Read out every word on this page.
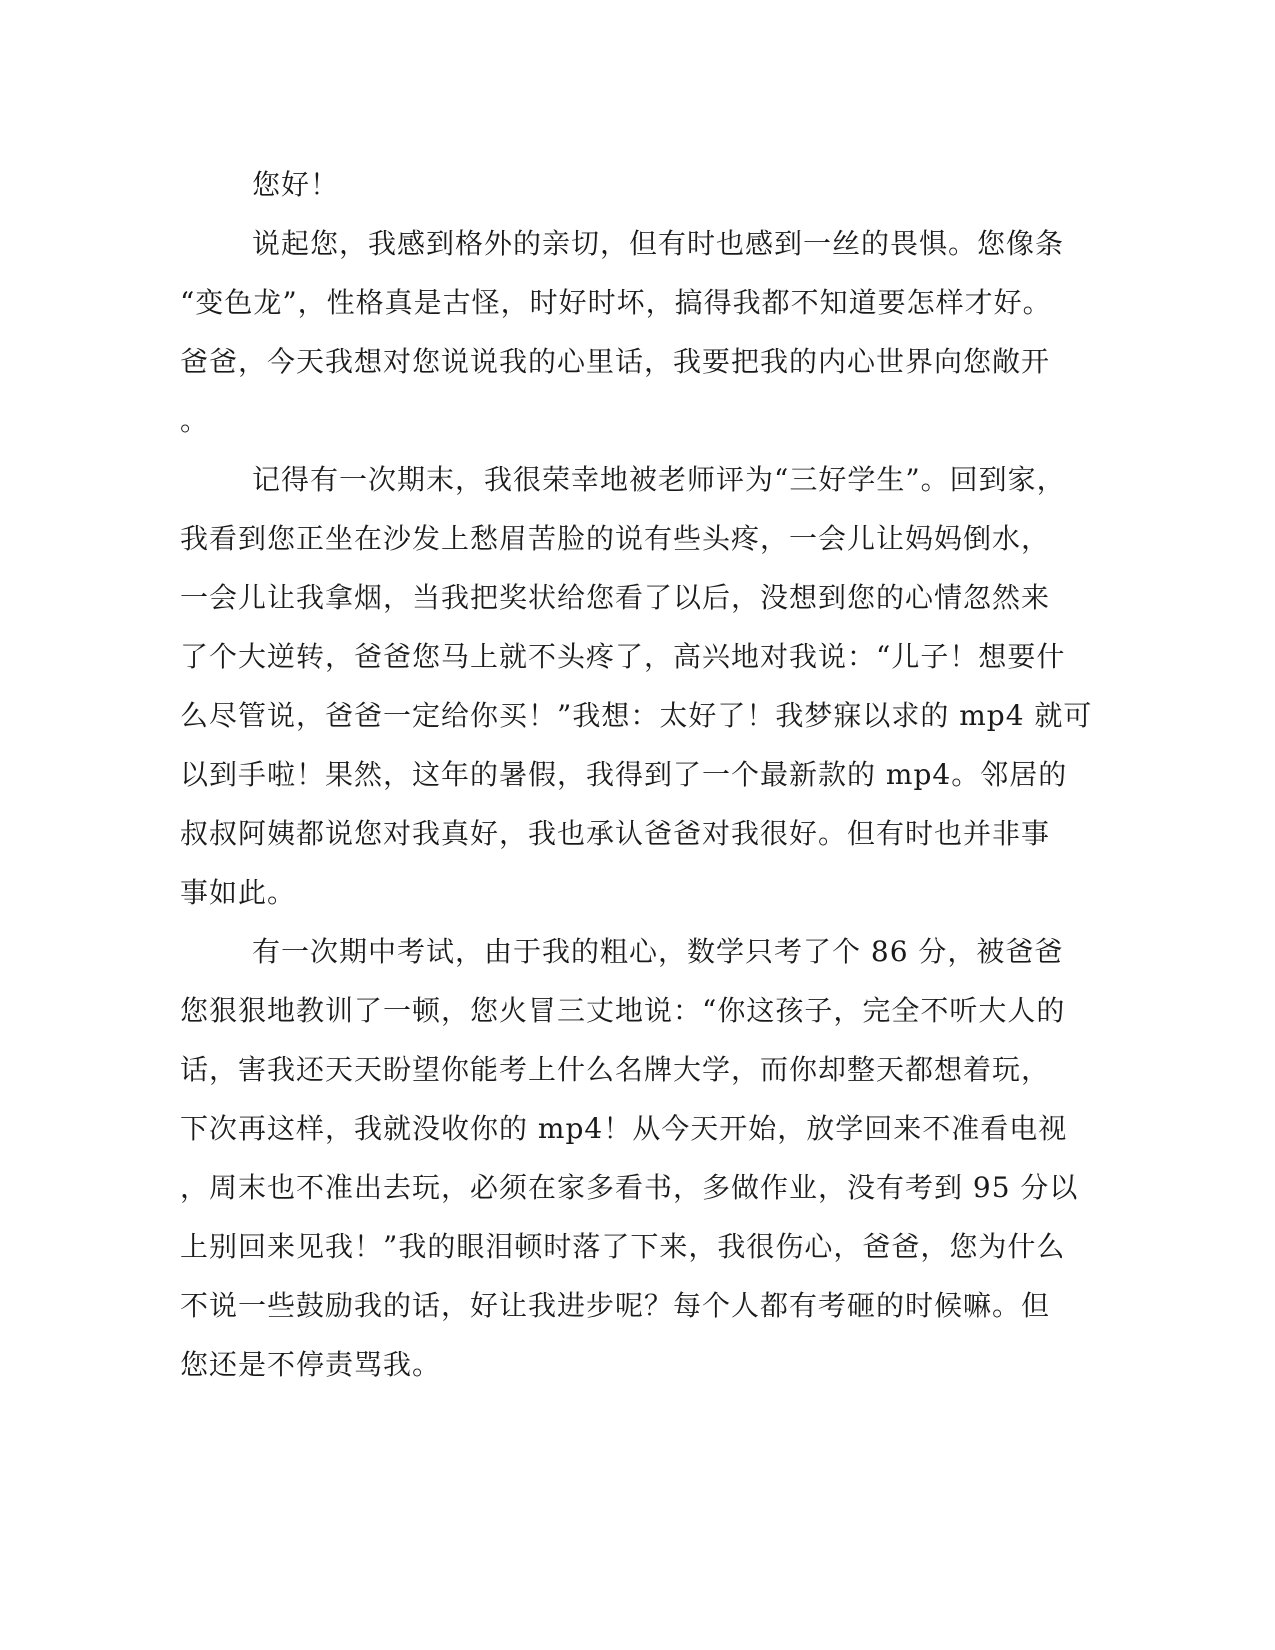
您好！
说起您，我感到格外的亲切，但有时也感到一丝的畏惧。您像条
“变色龙”，性格真是古怪，时好时坏，搞得我都不知道要怎样才好。
爸爸，今天我想对您说说我的心里话，我要把我的内心世界向您敞开
。
记得有一次期末，我很荣幸地被老师评为“三好学生”。回到家，
我看到您正坐在沙发上愁眉苦脸的说有些头疼，一会儿让妈妈倒水，
一会儿让我拿烟，当我把奖状给您看了以后，没想到您的心情忽然来
了个大逆转，爸爸您马上就不头疼了，高兴地对我说：“儿子！想要什
么尽管说，爸爸一定给你买！”我想：太好了！我梦寐以求的 mp4 就可
以到手啦！果然，这年的暑假，我得到了一个最新款的 mp4。邻居的
叔叔阿姨都说您对我真好，我也承认爸爸对我很好。但有时也并非事
事如此。
有一次期中考试，由于我的粗心，数学只考了个 86 分，被爸爸
您狠狠地教训了一顿，您火冒三丈地说：“你这孩子，完全不听大人的
话，害我还天天盼望你能考上什么名牌大学，而你却整天都想着玩，
下次再这样，我就没收你的 mp4！从今天开始，放学回来不准看电视
，周末也不准出去玩，必须在家多看书，多做作业，没有考到 95 分以
上别回来见我！”我的眼泪顿时落了下来，我很伤心，爸爸，您为什么
不说一些鼓励我的话，好让我进步呢？每个人都有考砸的时候嘛。但
您还是不停责骂我。
